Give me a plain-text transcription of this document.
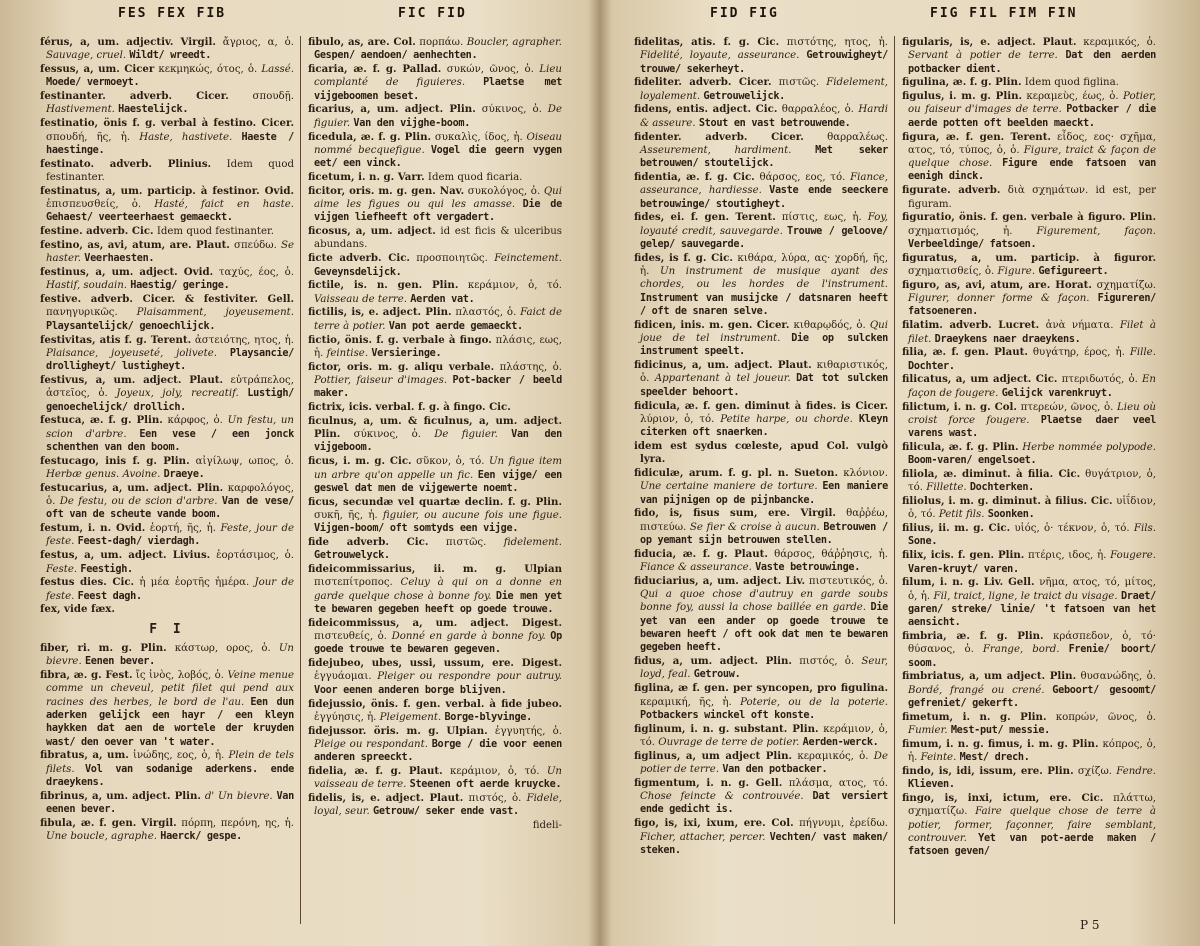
FES FEX FIB	FIC FID

férus, a, um. adjectiv. Virgil. ἄγριος, α, ὁ. Sauvage, cruel. Wildt/ wreedt.

fessus, a, um. Cicer κεκμηκώς, ότος, ὁ. Lassé. Moede/ vermoeyt.

festinanter. adverb. Cicer. σπουδῇ. Hastivement. Haestelijck.

festinatio, önis f. g. verbal à festino. Cicer. σπουδή, ῆς, ἡ. Haste, hastivete. Haeste / haestinge.

festinato. adverb. Plinius. Idem quod festinanter.

festinatus, a, um. particip. à festinor. Ovid. ἐπισπευσθείς, ὁ. Hasté, faict en haste. Gehaest/ veerteerhaest gemaeckt.

festine. adverb. Cic. Idem quod festinanter.

festino, as, avi, atum, are. Plaut. σπεύδω. Se haster. Veerhaesten.

festinus, a, um. adject. Ovid. ταχύς, έος, ὁ. Hastif, soudain. Haestig/ geringe.

festive. adverb. Cicer. & festiviter. Gell. πανηγυρικῶς. Plaisamment, joyeusement. Playsantelijck/ genoechlijck.

festivitas, atis f. g. Terent. ἀστειότης, ητος, ἡ. Plaisance, joyeuseté, jolivete. Playsancie/ drolligheyt/ lustigheyt.

festivus, a, um. adject. Plaut. εὐτράπελος, ἀστεῖος, ὁ. Joyeux, joly, recreatif. Lustigh/ genoechelijck/ drollich.

festuca, æ. f. g. Plin. κάρφος, ὁ. Un festu, un scion d'arbre. Een vese / een jonck schenthen van den boom.

festucago, inis f. g. Plin. αἰγίλωψ, ωπος, ὁ. Herbæ genus. Avoine. Draeye.

festucarius, a, um. adject. Plin. καρφολόγος, ὁ. De festu, ou de scion d'arbre. Van de vese/ oft van de scheute vande boom.

festum, i. n. Ovid. ἑορτή, ῆς, ἡ. Feste, jour de feste. Feest-dagh/ vierdagh.

festus, a, um. adject. Livius. ἑορτάσιμος, ὁ. Feste. Feestigh.

festus dies. Cic. ἡ μέα ἑορτῆς ἡμέρα. Jour de feste. Feest dagh.

fex, vide fæx.

F I

fiber, ri. m. g. Plin. κάστωρ, ορος, ὁ. Un bievre. Eenen bever.

fibra, æ. g. Fest. ἴς ἰνὸς, λοβός, ὁ. Veine menue comme un cheveul, petit filet qui pend aux racines des herbes, le bord de l'au. Een dun aderken gelijck een hayr / een kleyn haykken dat aen de wortele der kruyden wast/ den oever van 't water.

fibratus, a, um. ἰνώδης, εος, ὁ, ἡ. Plein de tels filets. Vol van sodanige aderkens. ende draeykens.

fibrinus, a, um. adject. Plin. d' Un bievre. Van eenen bever.

fibula, æ. f. gen. Virgil. πόρπη, περόνη, ης, ἡ. Une boucle, agraphe. Haerck/ gespe.

fibulo, as, are. Col. πορπάω. Boucler, agrapher. Gespen/ aendoen/ aenhechten.

ficaria, æ. f. g. Pallad. συκών, ῶνος, ὁ. Lieu complanté de figuieres. Plaetse met vijgeboomen beset.

ficarius, a, um. adject. Plin. σύκινος, ὁ. De figuier. Van den vijghe-boom.

ficedula, æ. f. g. Plin. συκαλὶς, ίδος, ἡ. Oiseau nommé becquefigue. Vogel die geern vygen eet/ een vinck.

ficetum, i. n. g. Varr. Idem quod ficaria.

ficitor, oris. m. g. gen. Nav. συκολόγος, ὁ. Qui aime les figues ou qui les amasse. Die de vijgen liefheeft oft vergadert.

ficosus, a, um. adject. id est ficis & ulceribus abundans.

ficte adverb. Cic. προσποιητῶς. Feinctement. Geveynsdelijck.

fictile, is. n. gen. Plin. κεράμιον, ὁ, τό. Vaisseau de terre. Aerden vat.

fictilis, is, e. adject. Plin. πλαστός, ὁ. Faict de terre à potier. Van pot aerde gemaeckt.

fictio, önis. f. g. verbale à fingo. πλάσις, εως, ἡ. feintise. Versieringe.

fictor, oris. m. g. aliqu verbale. πλάστης, ὁ. Pottier, faiseur d'images. Pot-backer / beeld maker.

fictrix, icis. verbal. f. g. à fingo. Cic.

ficulnus, a, um. & ficulnus, a, um. adject. Plin. σύκινος, ὁ. De figuier. Van den vijgeboom.

ficus, i. m. g. Cic. σῦκον, ὁ, τό. Un figue item un arbre qu'on appelle un fic. Een vijge/ een geswel dat men de vijgewerte noemt.

ficus, secundæ vel quartæ declin. f. g. Plin. συκῆ, ῆς, ἡ. figuier, ou aucune fois une figue. Vijgen-boom/ oft somtyds een vijge.

fide adverb. Cic. πιστῶς. fidelement. Getrouwelyck.

fideicommissarius, ii. m. g. Ulpian πιστεπίτροπος. Celuy à qui on a donne en garde quelque chose à bonne foy. Die men yet te bewaren gegeben heeft op goede trouwe.

fideicommissus, a, um. adject. Digest. πιστευθείς, ὁ. Donné en garde à bonne foy. Op goede trouwe te bewaren gegeven.

fidejubeo, ubes, ussi, ussum, ere. Digest. ἐγγυάομαι. Pleiger ou respondre pour autruy. Voor eenen anderen borge blijven.

fidejussio, önis. f. gen. verbal. à fide jubeo. ἐγγύησις, ἡ. Pleigement. Borge-blyvinge.

fidejussor. öris. m. g. Ulpian. ἐγγυητής, ὁ. Pleige ou respondant. Borge / die voor eenen anderen spreeckt.

fidelia, æ. f. g. Plaut. κεράμιον, ὁ, τό. Un vaisseau de terre. Steenen oft aerde kruycke.

fidelis, is, e. adject. Plaut. πιστός, ὁ. Fidele, loyal, seur. Getrouw/ seker ende vast.

fideli-
FID FIG	FIG FIL FIM FIN

fidelitas, atis. f. g. Cic. πιστότης, ητος, ἡ. Fidelité, loyaute, asseurance. Getrouwigheyt/ trouwe/ sekerheyt.

fideliter. adverb. Cicer. πιστῶς. Fidelement, loyalement. Getrouwelijck.

fidens, entis. adject. Cic. θαρραλέος, ὁ. Hardi & asseure. Stout en vast betrouwende.

fidenter. adverb. Cicer. θαρραλέως. Asseurement, hardiment. Met seker betrouwen/ stoutelijck.

fidentia, æ. f. g. Cic. θάρσος, εος, τό. Fiance, asseurance, hardiesse. Vaste ende seeckere betrouwinge/ stoutigheyt.

fides, ei. f. gen. Terent. πίστις, εως, ἡ. Foy, loyauté credit, sauvegarde. Trouwe / geloove/ gelep/ sauvegarde.

fides, is f. g. Cic. κιθάρα, λύρα, ας· χορδή, ῆς, ἡ. Un instrument de musique ayant des chordes, ou les hordes de l'instrument. Instrument van musijcke / datsnaren heeft / oft de snaren selve.

fidicen, inis. m. gen. Cicer. κιθαρῳδός, ὁ. Qui joue de tel instrument. Die op sulcken instrument speelt.

fidicinus, a, um. adject. Plaut. κιθαριστικός, ὁ. Appartenant à tel joueur. Dat tot sulcken speelder behoort.

fidicula, æ. f. gen. diminut à fides. is Cicer. λύριον, ὁ, τό. Petite harpe, ou chorde. Kleyn citerken oft snaerken.

idem est sydus cœleste, apud Col. vulgò lyra.

fidiculæ, arum. f. g. pl. n. Sueton. κλόνιον. Une certaine maniere de torture. Een maniere van pijnigen op de pijnbancke.

fido, is, fisus sum, ere. Virgil. θαῤῥέω, πιστεύω. Se fier & croise à aucun. Betrouwen / op yemant sijn betrouwen stellen.

fiducia, æ. f. g. Plaut. θάρσος, θάῤῥησις, ἡ. Fiance & asseurance. Vaste betrouwinge.

fiduciarius, a, um. adject. Liv. πιστευτικός, ὁ. Qui a quoe chose d'autruy en garde soubs bonne foy, aussi la chose baillée en garde. Die yet van een ander op goede trouwe te bewaren heeft / oft ook dat men te bewaren gegeben heeft.

fidus, a, um. adject. Plin. πιστός, ὁ. Seur, loyd, feal. Getrouw.

figlina, æ f. gen. per syncopen, pro figulina. κεραμική, ῆς, ἡ. Poterie, ou de la poterie. Potbackers winckel oft konste.

figlinum, i. n. g. substant. Plin. κεράμιον, ὁ, τό. Ouvrage de terre de potier. Aerden-werck.

figlinus, a, um adject Plin. κεραμικός, ὁ. De potier de terre. Van den potbacker.

figmentum, i. n. g. Gell. πλάσμα, ατος, τό. Chose feincte & controuvée. Dat versiert ende gedicht is.

figo, is, ixi, ixum, ere. Col. πήγνυμι, ἐρείδω. Ficher, attacher, percer. Vechten/ vast maken/ steken.

figularis, is, e. adject. Plaut. κεραμικός, ὁ. Servant à potier de terre. Dat den aerden potbacker dient.

figulina, æ. f. g. Plin. Idem quod figlina.

figulus, i. m. g. Plin. κεραμεὺς, έως, ὁ. Potier, ou faiseur d'images de terre. Potbacker / die aerde potten oft beelden maeckt.

figura, æ. f. gen. Terent. εἶδος, εος· σχῆμα, ατος, τό, τύπος, ὁ, ὁ. Figure, traict & façon de quelque chose. Figure ende fatsoen van eenigh dinck.

figurate. adverb. διὰ σχημάτων. id est, per figuram.

figuratio, önis. f. gen. verbale à figuro. Plin. σχηματισμός, ἡ. Figurement, façon. Verbeeldinge/ fatsoen.

figuratus, a, um. particip. à figuror. σχηματισθείς, ὁ. Figure. Gefigureert.

figuro, as, avi, atum, are. Horat. σχηματίζω. Figurer, donner forme & façon. Figureren/ fatsoeneren.

filatim. adverb. Lucret. ἀνὰ νήματα. Filet à filet. Draeykens naer draeykens.

filia, æ. f. gen. Plaut. θυγάτηρ, έρος, ἡ. Fille. Dochter.

filicatus, a, um adject. Cic. πτεριδωτός, ὁ. En façon de fougere. Gelijck varenkruyt.

filictum, i. n. g. Col. πτερεών, ῶνος, ὁ. Lieu où croist force fougere. Plaetse daer veel varens wast.

filicula, æ. f. g. Plin. Herbe nommée polypode. Boom-varen/ engelsoet.

filiola, æ. diminut. à filia. Cic. θυγάτριον, ὁ, τό. Fillette. Dochterken.

filiolus, i. m. g. diminut. à filius. Cic. υἱΐδιον, ὁ, τό. Petit fils. Soonken.

filius, ii. m. g. Cic. υἱός, ὁ· τέκνον, ὁ, τό. Fils. Sone.

filix, icis. f. gen. Plin. πτέρις, ιδος, ἡ. Fougere. Varen-kruyt/ varen.

filum, i. n. g. Liv. Gell. νῆμα, ατος, τό, μίτος, ὁ, ἡ. Fil, traict, ligne, le traict du visage. Draet/ garen/ streke/ linie/ 't fatsoen van het aensicht.

fimbria, æ. f. g. Plin. κράσπεδον, ὁ, τό· θύσανος, ὁ. Frange, bord. Frenie/ boort/ soom.

fimbriatus, a, um adject. Plin. θυσανώδης, ὁ. Bordé, frangé ou crené. Geboort/ gesoomt/ gefreniet/ gekerft.

fimetum, i. n. g. Plin. κοπρών, ῶνος, ὁ. Fumier. Mest-put/ messie.

fimum, i. n. g. fimus, i. m. g. Plin. κόπρος, ὁ, ἡ. Feinte. Mest/ drech.

findo, is, idi, issum, ere. Plin. σχίζω. Fendre. Klieven.

fingo, is, inxi, ictum, ere. Cic. πλάττω, σχηματίζω. Faire quelque chose de terre à potier, former, façonner, faire semblant, controuver. Yet van pot-aerde maken / fatsoen geven/

P 5
